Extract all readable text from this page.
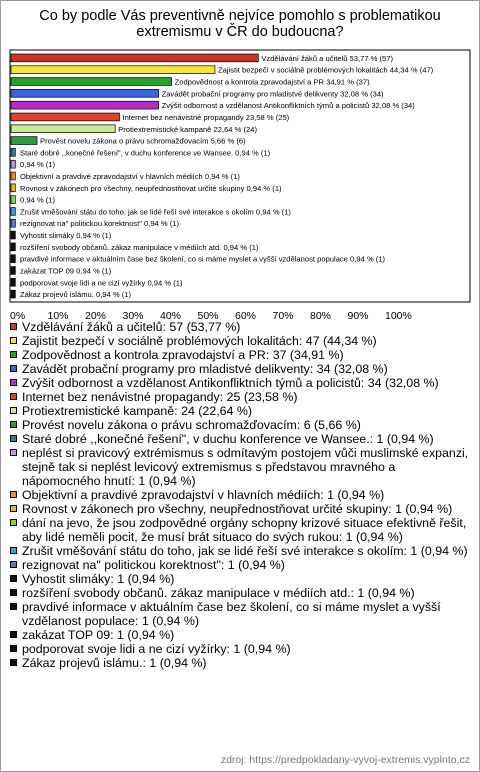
Co by podle Vás preventivně nejvíce pomohlo s problematikou extremismu v ČR do budoucna?
Vzdělávání žáků a učitelů 53,77 % (57)
Zajistit bezpečí v sociálně problémových lokalitách 44,34 % (47)
Zodpovědnost a kontrola zpravodajství a PR 34,91 % (37)
Zavádět probační programy pro mladistvé delikventy 32,08 % (34)
Zvýšit odbornost a vzdělanost Antikonfliktních týmů a policistů 32,08 % (34)
Internet bez nenávistné propagandy 23,58 % (25)
Protiextremistické kampaně 22,64 % (24)
Provést novelu zákona o právu schromažďovacím 5,66 % (6)
Staré dobré ,,konečné řešení", v duchu konference ve Wansee. 0,94 % (1)
0,94 % (1)
Objektivní a pravdivé zpravodajství v hlavních médiích 0,94 % (1)
Rovnost v zákonech pro všechny, neupřednostňovat určité skupiny 0,94 % (1)
0,94 % (1)
Zrušit vměšování státu do toho, jak se lidé řeší své interakce s okolím 0,94 % (1)
rezignovat na" politickou korektnost" 0,94 % (1)
Vyhostit slimáky 0,94 % (1)
rozšíření svobody občanů. zákaz manipulace v médiích atd. 0,94 % (1)
pravdivé informace v aktuálním čase bez školení, co si máme myslet a vyšší vzdělanost populace 0,94 % (1)
zakázat TOP 09 0,94 % (1)
podporovat svoje lidi a ne cizí vyžírky 0,94 % (1)
Zákaz projevů islámu. 0,94 % (1)
0% 10% 20% 30% 40% 50% 60% 70% 80% 90% 100%
Vzdělávání žáků a učitelů: 57 (53,77 %)
Zajistit bezpečí v sociálně problémových lokalitách: 47 (44,34 %)
Zodpovědnost a kontrola zpravodajství a PR: 37 (34,91 %)
Zavádět probační programy pro mladistvé delikventy: 34 (32,08 %)
Zvýšit odbornost a vzdělanost Antikonfliktních týmů a policistů: 34 (32,08 %)
Internet bez nenávistné propagandy: 25 (23,58 %)
Protiextremistické kampaně: 24 (22,64 %)
Provést novelu zákona o právu schromažďovacím: 6 (5,66 %)
Staré dobré ,,konečné řešení", v duchu konference ve Wansee.: 1 (0,94 %)
neplést si pravicový extrémismus s odmítavým postojem vůči muslimské expanzi, stejně tak si neplést levicový extremismus s představou mravného a nápomocného hnutí: 1 (0,94 %)
Objektivní a pravdivé zpravodajství v hlavních médiích: 1 (0,94 %)
Rovnost v zákonech pro všechny, neupřednostňovat určité skupiny: 1 (0,94 %)
dání na jevo, že jsou zodpovědné orgány schopny krizové situace efektivně řešit, aby lidé neměli pocit, že musí brát situaco do svých rukou: 1 (0,94 %)
Zrušit vměšování státu do toho, jak se lidé řeší své interakce s okolím: 1 (0,94 %)
rezignovat na" politickou korektnost": 1 (0,94 %)
Vyhostit slimáky: 1 (0,94 %)
rozšíření svobody občanů. zákaz manipulace v médiích atd.: 1 (0,94 %)
pravdivé informace v aktuálním čase bez školení, co si máme myslet a vyšší vzdělanost populace: 1 (0,94 %)
zakázat TOP 09: 1 (0,94 %)
podporovat svoje lidi a ne cizí vyžírky: 1 (0,94 %)
Zákaz projevů islámu.: 1 (0,94 %)
zdroj: https://predpokladany-vyvoj-extremis.vyplnto.cz
